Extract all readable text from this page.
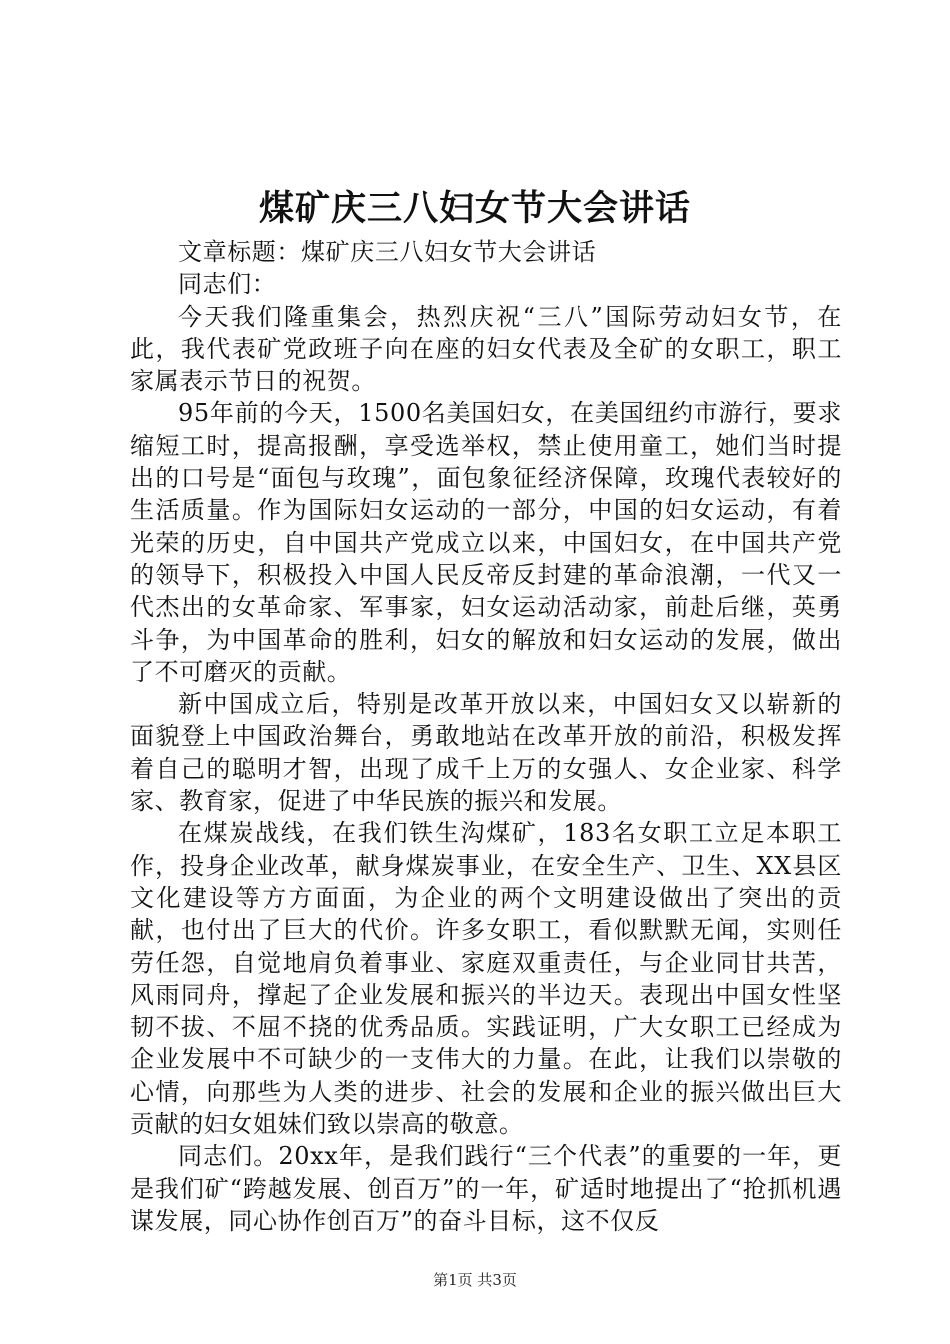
煤矿庆三八妇女节大会讲话

文章标题：煤矿庆三八妇女节大会讲话

同志们：

今天我们隆重集会，热烈庆祝“三八”国际劳动妇女节，在此，我代表矿党政班子向在座的妇女代表及全矿的女职工，职工家属表示节日的祝贺。

95年前的今天，1500名美国妇女，在美国纽约市游行，要求缩短工时，提高报酬，享受选举权，禁止使用童工，她们当时提出的口号是“面包与玫瑰”，面包象征经济保障，玫瑰代表较好的生活质量。作为国际妇女运动的一部分，中国的妇女运动，有着光荣的历史，自中国共产党成立以来，中国妇女，在中国共产党的领导下，积极投入中国人民反帝反封建的革命浪潮，一代又一代杰出的女革命家、军事家，妇女运动活动家，前赴后继，英勇斗争，为中国革命的胜利，妇女的解放和妇女运动的发展，做出了不可磨灭的贡献。

新中国成立后，特别是改革开放以来，中国妇女又以崭新的面貌登上中国政治舞台，勇敢地站在改革开放的前沿，积极发挥着自己的聪明才智，出现了成千上万的女强人、女企业家、科学家、教育家，促进了中华民族的振兴和发展。

在煤炭战线，在我们铁生沟煤矿，183名女职工立足本职工作，投身企业改革，献身煤炭事业，在安全生产、卫生、XX县区文化建设等方方面面，为企业的两个文明建设做出了突出的贡献，也付出了巨大的代价。许多女职工，看似默默无闻，实则任劳任怨，自觉地肩负着事业、家庭双重责任，与企业同甘共苦，风雨同舟，撑起了企业发展和振兴的半边天。表现出中国女性坚韧不拔、不屈不挠的优秀品质。实践证明，广大女职工已经成为企业发展中不可缺少的一支伟大的力量。在此，让我们以崇敬的心情，向那些为人类的进步、社会的发展和企业的振兴做出巨大贡献的妇女姐妹们致以崇高的敬意。

同志们。20xx年，是我们践行“三个代表”的重要的一年，更是我们矿“跨越发展、创百万”的一年，矿适时地提出了“抢抓机遇谋发展，同心协作创百万”的奋斗目标，这不仅反

第1页 共3页
